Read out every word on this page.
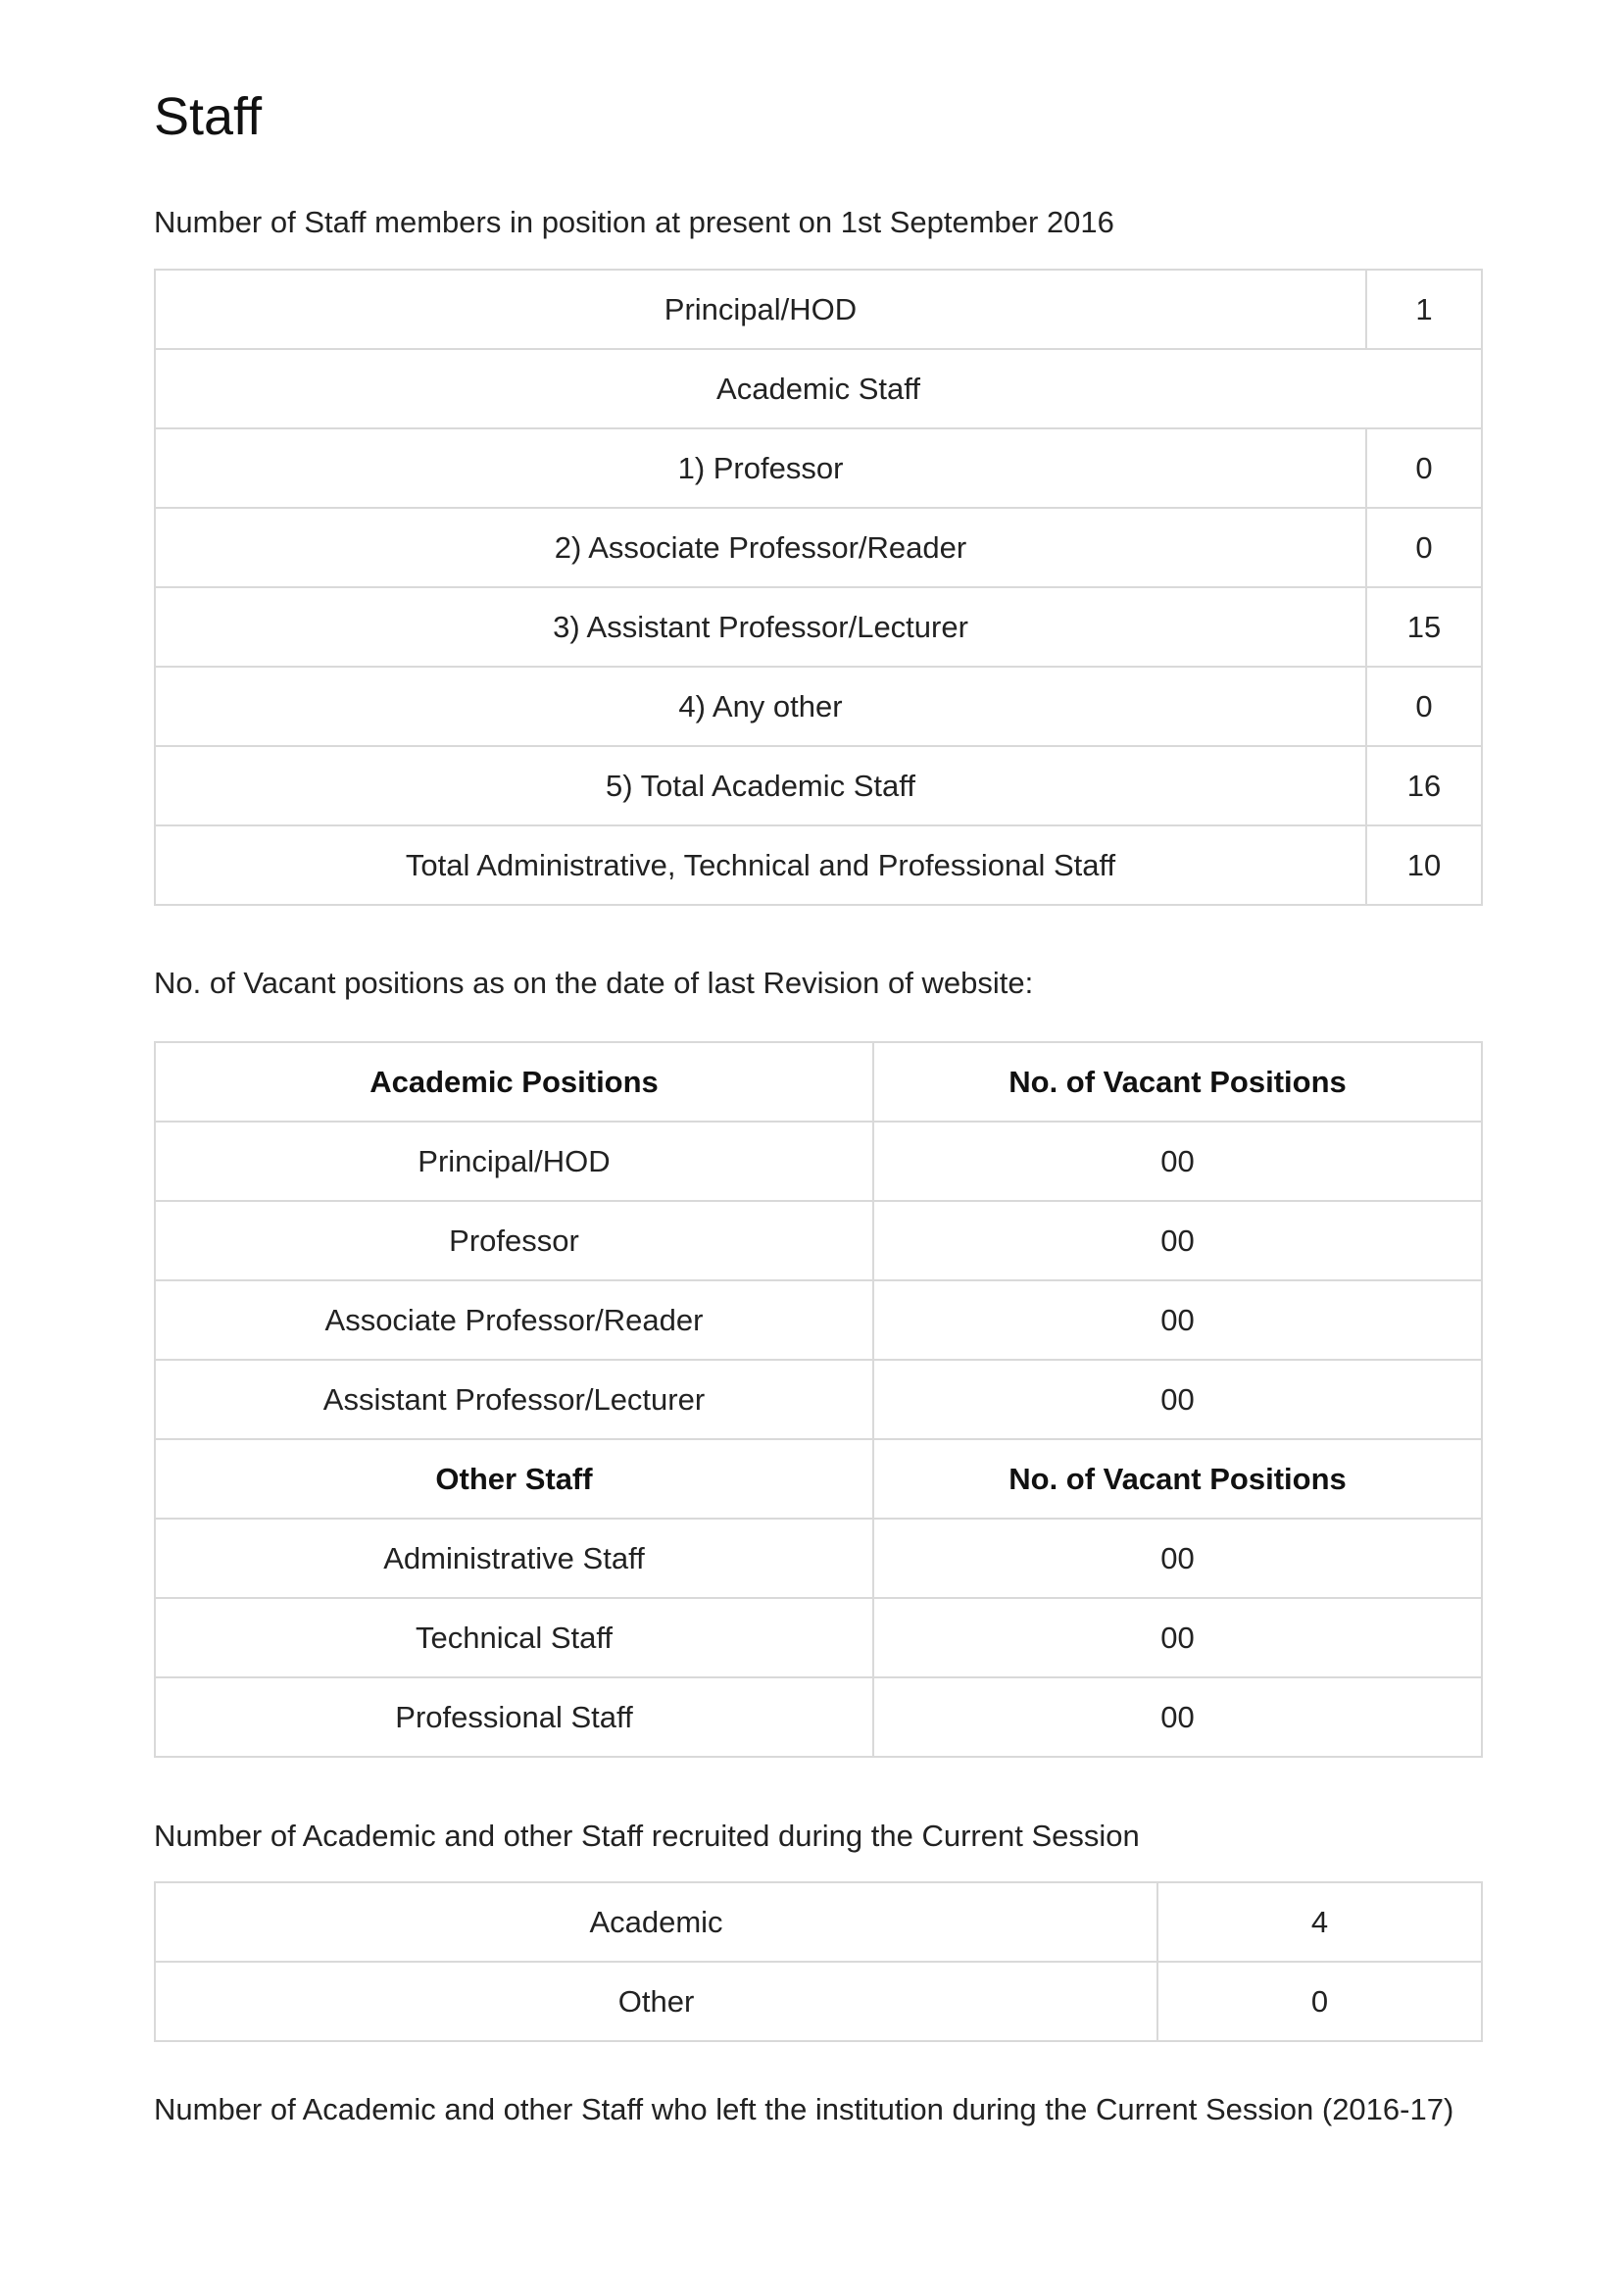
Staff

Number of Staff members in position at present on 1st September 2016

Principal/HOD	1
Academic Staff	
1) Professor	0
2) Associate Professor/Reader	0
3) Assistant Professor/Lecturer	15
4) Any other	0
5) Total Academic Staff	16
Total Administrative, Technical and Professional Staff	10

No. of Vacant positions as on the date of last Revision of website:

Academic Positions	No. of Vacant Positions
Principal/HOD	00
Professor	00
Associate Professor/Reader	00
Assistant Professor/Lecturer	00
Other Staff	No. of Vacant Positions
Administrative Staff	00
Technical Staff	00
Professional Staff	00

Number of Academic and other Staff recruited during the Current Session

Academic	4
Other	0

Number of Academic and other Staff who left the institution during the Current Session (2016-17)
